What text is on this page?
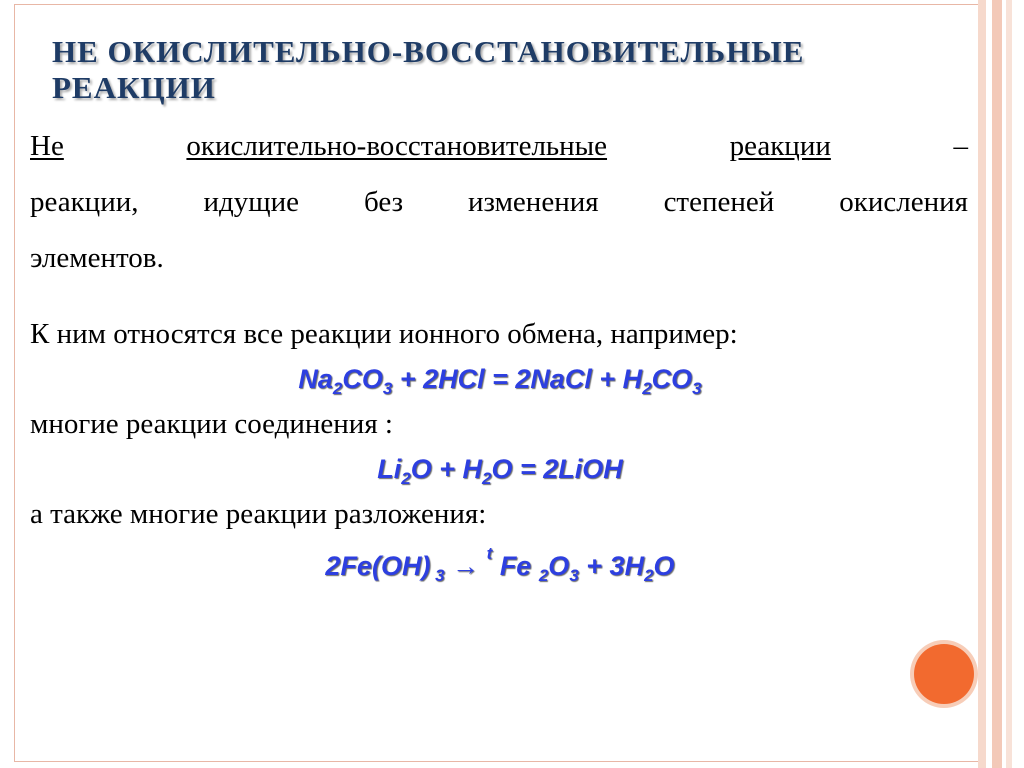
НЕ ОКИСЛИТЕЛЬНО-ВОССТАНОВИТЕЛЬНЫЕ РЕАКЦИИ
Не	окислительно-восстановительные	реакции	–
реакции, идущие без изменения степеней окисления
элементов.
К ним относятся все реакции ионного обмена, например:
$Na_2CO_3 + 2HCl$ = 2NaCl + $H_2CO_3$
многие реакции соединения :
$Li_2O + H_2O$ = 2LiOH
а также многие реакции разложения:
2Fe(OH) $_3$ → $^t$ Fe $_2O_3 + 3H_2O$
